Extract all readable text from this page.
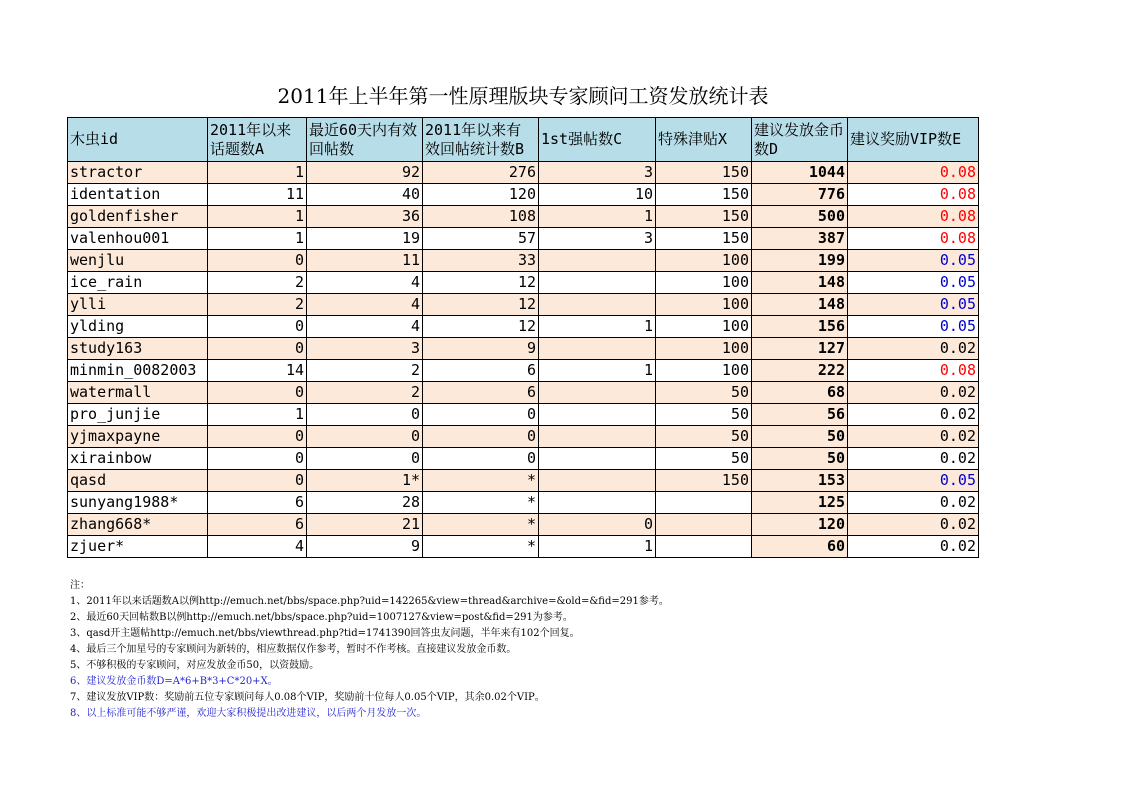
2011年上半年第一性原理版块专家顾问工资发放统计表
木虫id	2011年以来话题数A	最近60天内有效回帖数	2011年以来有效回帖统计数B	1st强帖数C	特殊津贴X	建议发放金币数D	建议奖励VIP数E
stractor	1	92	276	3	150	1044	0.08
identation	11	40	120	10	150	776	0.08
goldenfisher	1	36	108	1	150	500	0.08
valenhou001	1	19	57	3	150	387	0.08
wenjlu	0	11	33		100	199	0.05
ice_rain	2	4	12		100	148	0.05
ylli	2	4	12		100	148	0.05
ylding	0	4	12	1	100	156	0.05
study163	0	3	9		100	127	0.02
minmin_0082003	14	2	6	1	100	222	0.08
watermall	0	2	6		50	68	0.02
pro_junjie	1	0	0		50	56	0.02
yjmaxpayne	0	0	0		50	50	0.02
xirainbow	0	0	0		50	50	0.02
qasd	0	1*	*		150	153	0.05
sunyang1988*	6	28	*			125	0.02
zhang668*	6	21	*	0		120	0.02
zjuer*	4	9	*	1		60	0.02
注：
1、2011年以来话题数A以例http://emuch.net/bbs/space.php?uid=142265&view=thread&archive=&old=&fid=291参考。
2、最近60天回帖数B以例http://emuch.net/bbs/space.php?uid=1007127&view=post&fid=291为参考。
3、qasd开主题帖http://emuch.net/bbs/viewthread.php?tid=1741390回答虫友问题，半年来有102个回复。
4、最后三个加星号的专家顾问为新转的，相应数据仅作参考，暂时不作考核。直接建议发放金币数。
5、不够积极的专家顾问，对应发放金币50，以资鼓励。
6、建议发放金币数D=A*6+B*3+C*20+X。
7、建议发放VIP数：奖励前五位专家顾问每人0.08个VIP，奖励前十位每人0.05个VIP，其余0.02个VIP。
8、以上标准可能不够严谨，欢迎大家积极提出改进建议，以后两个月发放一次。
